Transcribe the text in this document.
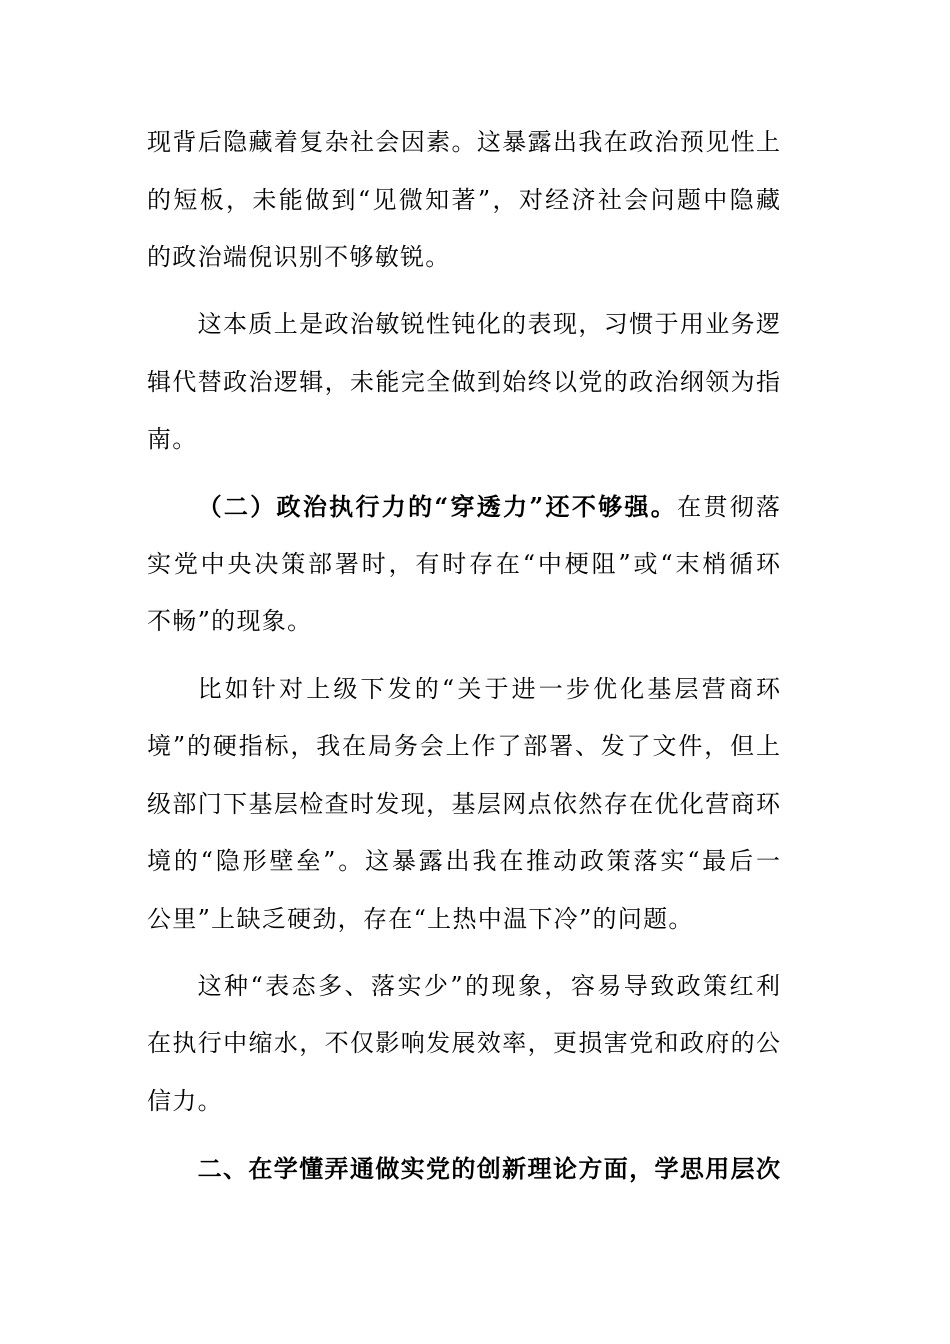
现背后隐藏着复杂社会因素。这暴露出我在政治预见性上
的短板，未能做到“见微知著”，对经济社会问题中隐藏
的政治端倪识别不够敏锐。
这本质上是政治敏锐性钝化的表现，习惯于用业务逻
辑代替政治逻辑，未能完全做到始终以党的政治纲领为指
南。
（二）政治执行力的“穿透力”还不够强。在贯彻落
实党中央决策部署时，有时存在“中梗阻”或“末梢循环
不畅”的现象。
比如针对上级下发的“关于进一步优化基层营商环
境”的硬指标，我在局务会上作了部署、发了文件，但上
级部门下基层检查时发现，基层网点依然存在优化营商环
境的“隐形壁垒”。这暴露出我在推动政策落实“最后一
公里”上缺乏硬劲，存在“上热中温下冷”的问题。
这种“表态多、落实少”的现象，容易导致政策红利
在执行中缩水，不仅影响发展效率，更损害党和政府的公
信力。
二、在学懂弄通做实党的创新理论方面，学思用层次
